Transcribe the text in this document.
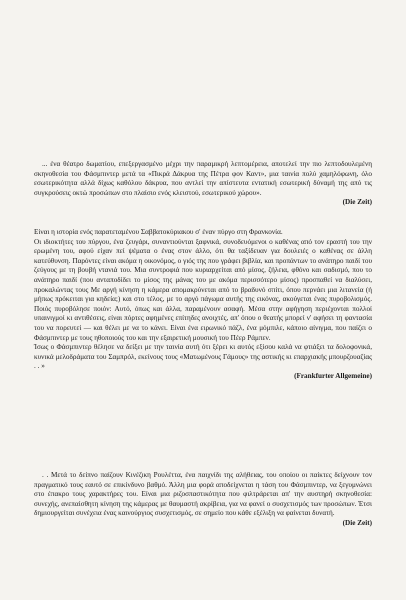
... ένα θέατρο δωματίου, επεξεργασμένο μέχρι την παραμικρή λεπτομέρεια, αποτελεί την πιο λεπτοδουλεμένη σκηνοθεσία του Φάσμπιντερ μετά τα «Πικρά Δάκρυα της Πέτρα φον Καντ», μια ταινία πολύ χαμηλόφωνη, όλο εσωτερικότητα αλλά δίχως καθόλου δάκρυα, που αντλεί την απίστευτα εντατική εσωτερική δύναμή της από τις συγκρούσεις οκτώ προσώπων στο πλαίσιο ενός κλειστού, εσωτερικού χώρου».

(Die Zeit)

Είναι η ιστορία ενός παρατεταμένου Σαββατοκύριακου σ' έναν πύργο στη Φρανκονία.

Οι ιδιοκτήτες του πύργου, ένα ζευγάρι, συναντιούνται ξαφνικά, συνοδευόμενοι ο καθένας από τον εραστή του την ερωμένη του, αφού είχαν πεί ψέματα ο ένας στον άλλο, ότι θα ταξίδευαν για δουλειές ο καθένας σε άλλη κατεύθυνση. Παρόντες είναι ακόμα η οικονόμος, ο γιός της που γράφει βιβλία, και προπάντων το ανάπηρο παιδί του ζεύγους με τη βουβή ντανιά του. Μια συντροφιά που κυριαρχείται από μίσος, ζήλεια, φθόνο και σαδισμό, που το ανάπηρο παιδί (που ανταποδίδει το μίσος της μάνας του με ακόμα περισσότερο μίσος) προσπαθεί να διαλύσει, προκαλώντας τους Με αργή κίνηση η κάμερα απομακρύνεται από το βραδυνό σπίτι, όπου περνάει μια λιτανεία (ή μήπως πρόκειται για κηδεία;) και στο τέλος, με το αργό πάγωμα αυτής της εικόνας, ακούγεται ένας πυροβολισμός. Ποιός πυροβόλησε ποιόν: Αυτό, όπως και άλλα, παραμένουν ασαφή. Μέσα στην αφήγηση περιέχονται πολλοί υπαινιγμοί κι αντιθέσεις, είναι πόρτες αφημένες επίτηδες ανοιχτές, απ' όπου ο θεατής μπορεί ν' αφήσει τη φαντασία του να πορευτεί — και θέλει με να το κάνει. Είναι ένα ειρωνικό πάζλ, ένα μόμπιλε, κάποιο αίνιγμα, που παίζει ο Φάσμπιντερ με τους ηθοποιούς του και την εξαιρετική μουσική του Πέερ Ράμπεν.

Ίσως ο Φάσμπιντερ θέλησε να δείξει με την ταινία αυτή ότι ξέρει κι αυτός εξίσου καλά να φτιάξει τα δολοφονικά, κυνικά μελοδράματα του Σαμπρόλ, εκείνους τους «Ματωμένους Γάμους» της αστικής κι επαρχιακής μπουρζουαζίας . . »

(Frankfurter Allgemeine)

. . Μετά το δείπνο παίζουν Κινέζικη Ρουλέττα, ένα παιχνίδι της αλήθειας, του οποίου οι παίκτες δείχνουν τον πραγματικό τους εαυτό σε επικίνδυνο βαθμό. Άλλη μια φορά αποδείχνεται η τάση του Φάσμπιντερ, να ξεγυμνώνει στο έπακρο τους χαρακτήρες του. Είναι μια ριζοσπαστικότητα που φιλτράρεται απ' την αυστηρή σκηνοθεσία: συνεχής, ανεπαίσθητη κίνηση της κάμερας με θαυμαστή ακρίβεια, για να φανεί ο συσχετισμός των προσώπων. Έτσι δημιουργείται συνέχεια ένας καινούργιος συσχετισμός, σε σημείο που κάθε εξέλιξη να φαίνεται δυνατή.

(Die Zeit)
